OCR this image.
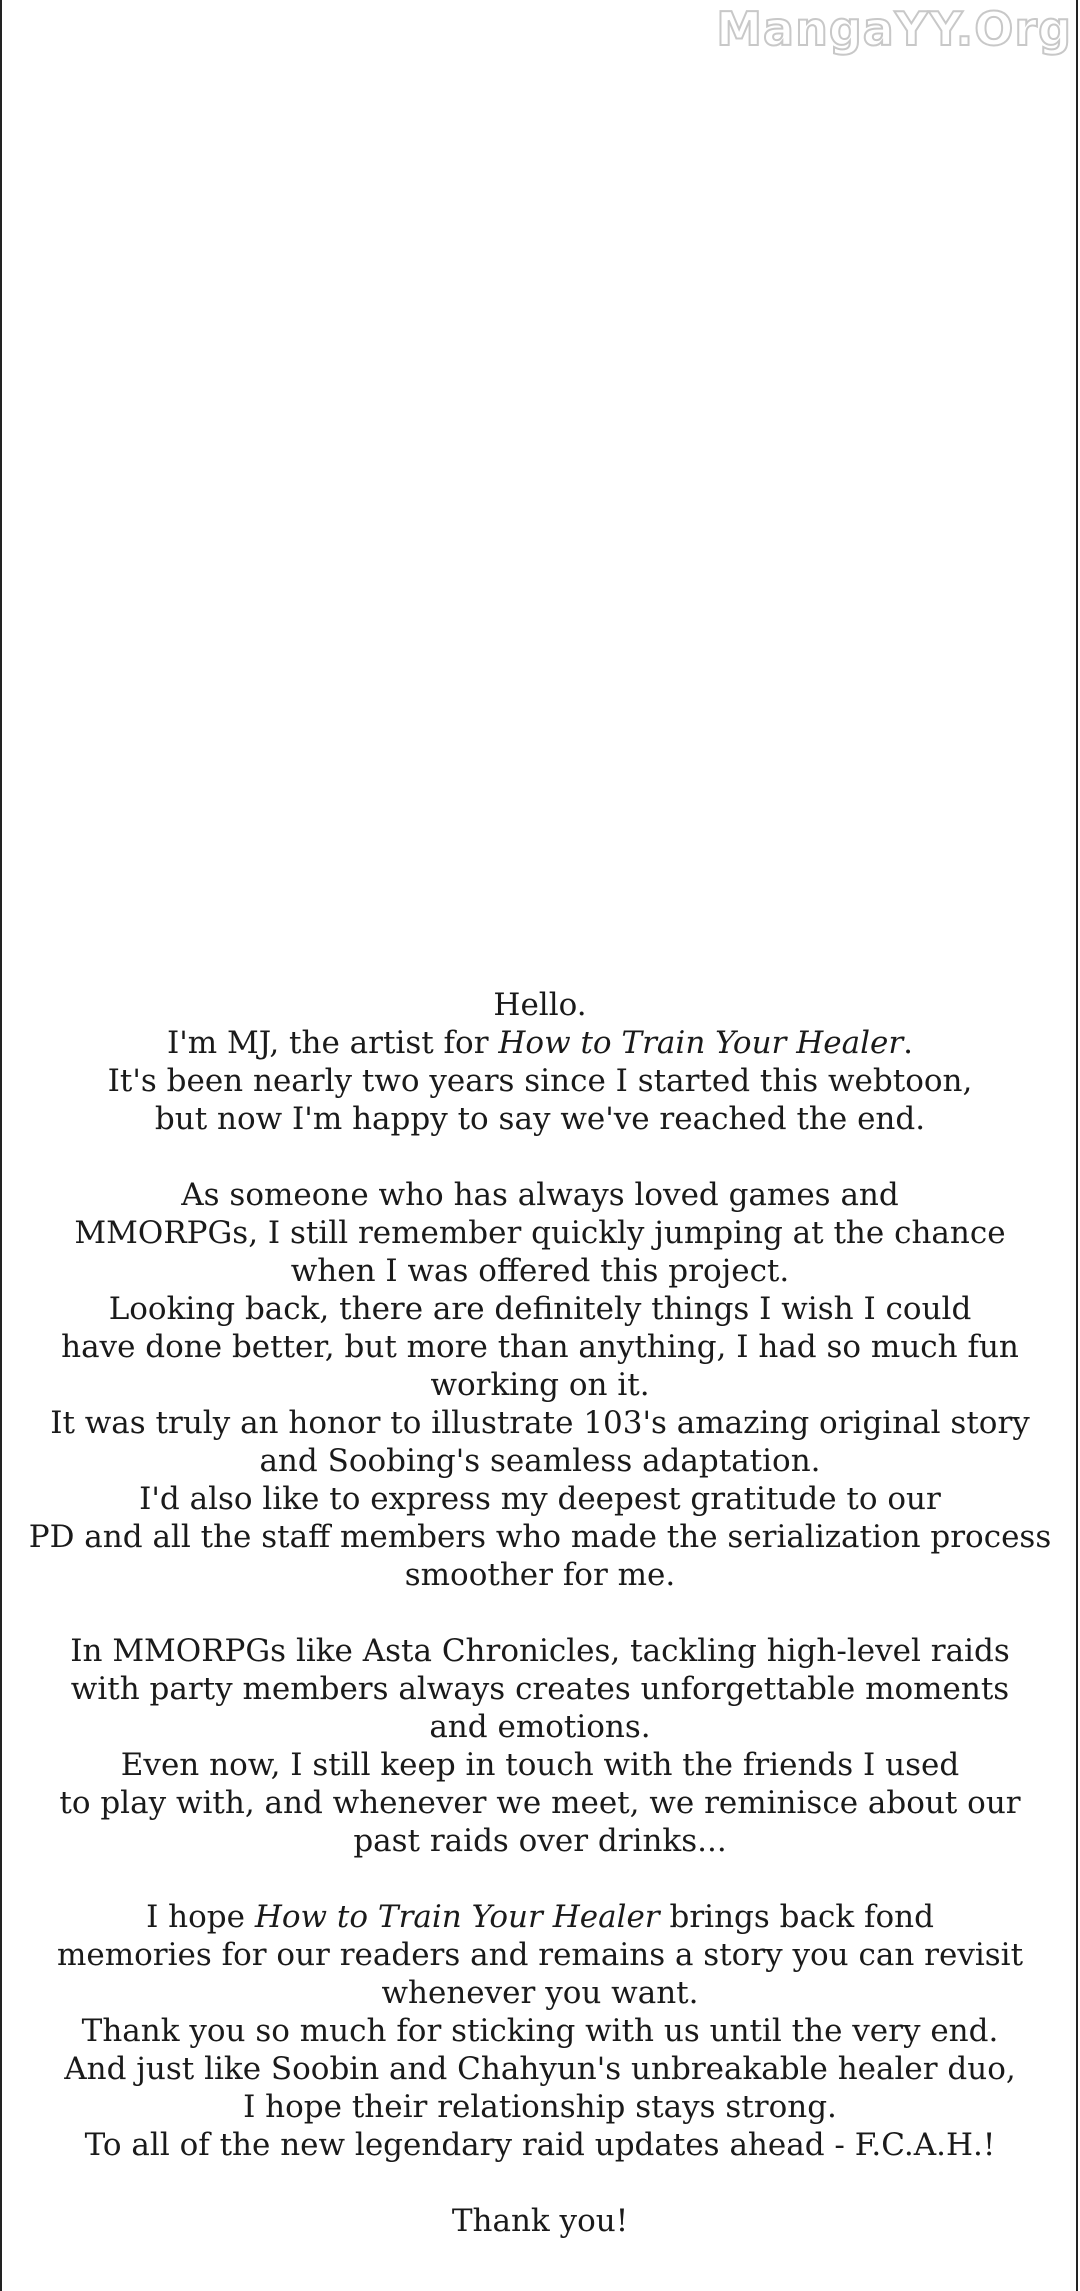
MangaYY.Org
Hello.
I'm MJ, the artist for How to Train Your Healer.
It's been nearly two years since I started this webtoon,
but now I'm happy to say we've reached the end.
As someone who has always loved games and
MMORPGs, I still remember quickly jumping at the chance
when I was offered this project.
Looking back, there are definitely things I wish I could
have done better, but more than anything, I had so much fun
working on it.
It was truly an honor to illustrate 103's amazing original story
and Soobing's seamless adaptation.
I'd also like to express my deepest gratitude to our
PD and all the staff members who made the serialization process
smoother for me.
In MMORPGs like Asta Chronicles, tackling high-level raids
with party members always creates unforgettable moments
and emotions.
Even now, I still keep in touch with the friends I used
to play with, and whenever we meet, we reminisce about our
past raids over drinks...
I hope How to Train Your Healer brings back fond
memories for our readers and remains a story you can revisit
whenever you want.
Thank you so much for sticking with us until the very end.
And just like Soobin and Chahyun's unbreakable healer duo,
I hope their relationship stays strong.
To all of the new legendary raid updates ahead - F.C.A.H.!
Thank you!
